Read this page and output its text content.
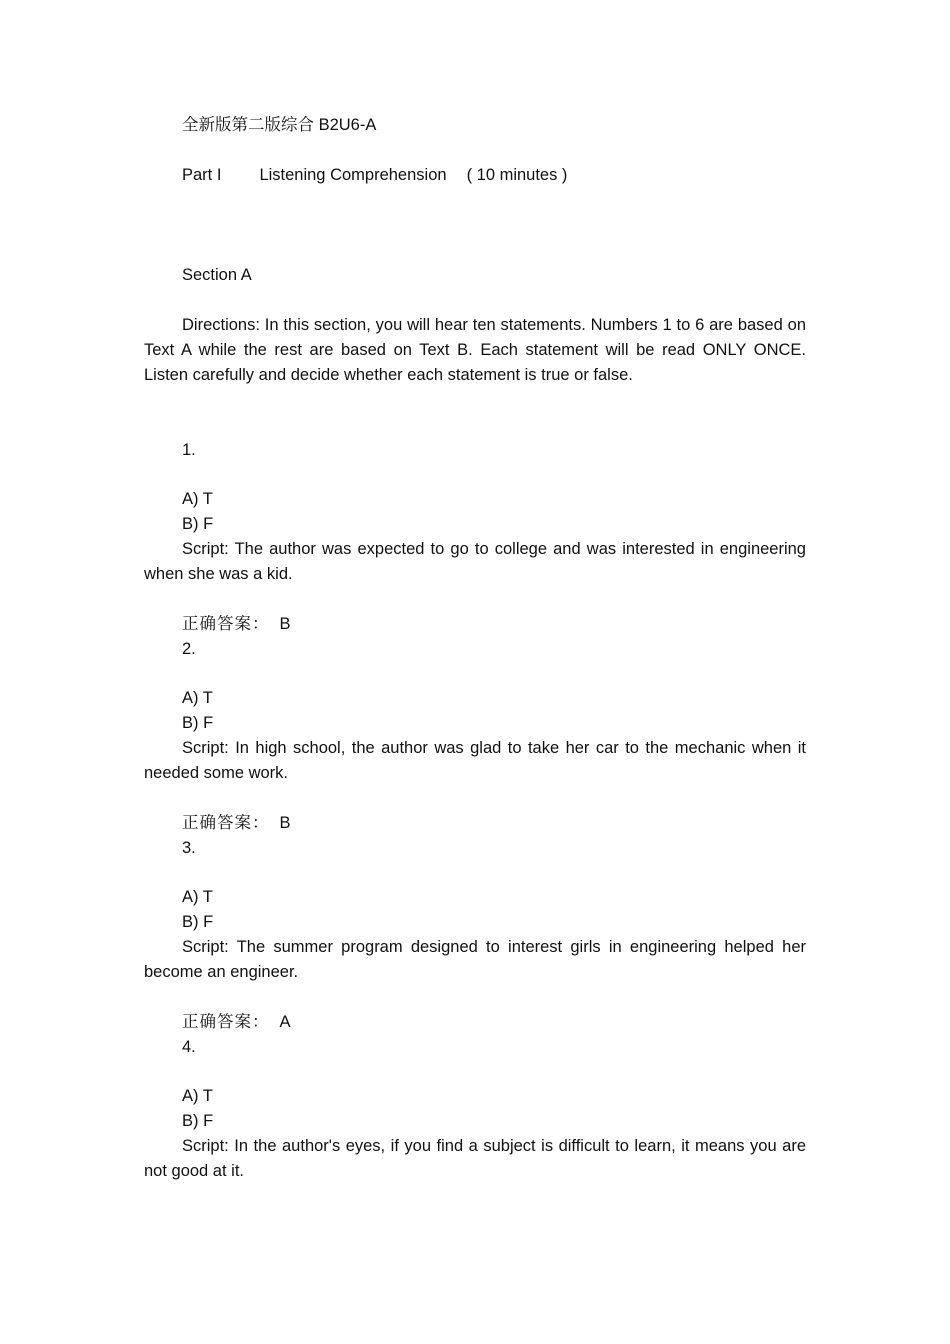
全新版第二版综合 B2U6-A
Part I Listening Comprehension ( 10 minutes )
Section A
Directions: In this section, you will hear ten statements. Numbers 1 to 6 are based on Text A while the rest are based on Text B. Each statement will be read ONLY ONCE. Listen carefully and decide whether each statement is true or false.
1.
A) T
B) F
Script: The author was expected to go to college and was interested in engineering when she was a kid.
正确答案： B
2.
A) T
B) F
Script: In high school, the author was glad to take her car to the mechanic when it needed some work.
正确答案： B
3.
A) T
B) F
Script: The summer program designed to interest girls in engineering helped her become an engineer.
正确答案： A
4.
A) T
B) F
Script: In the author's eyes, if you find a subject is difficult to learn, it means you are not good at it.
